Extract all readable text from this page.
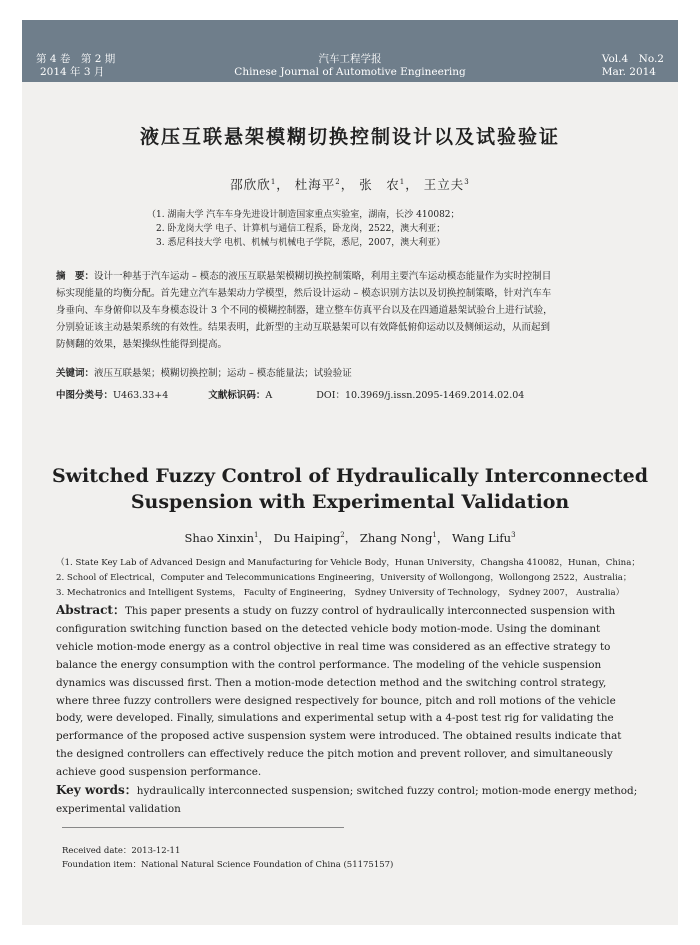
第 4 卷　第 2 期
2014 年 3 月
汽车工程学报
Chinese Journal of Automotive Engineering
Vol.4　No.2
Mar. 2014
液压互联悬架模糊切换控制设计以及试验验证
邵欣欣$^1$， 杜海平$^2$， 张　农$^1$， 王立夫$^3$
（1. 湖南大学 汽车车身先进设计制造国家重点实验室，湖南，长沙 410082；
2. 卧龙岗大学 电子、计算机与通信工程系，卧龙岗，2522，澳大利亚；
3. 悉尼科技大学 电机、机械与机械电子学院，悉尼，2007，澳大利亚）
摘　要：设计一种基于汽车运动 – 模态的液压互联悬架模糊切换控制策略，利用主要汽车运动模态能量作为实时控制目
标实现能量的均衡分配。首先建立汽车悬架动力学模型，然后设计运动 – 模态识别方法以及切换控制策略，针对汽车车
身垂向、车身俯仰以及车身模态设计 3 个不同的模糊控制器，建立整车仿真平台以及在四通道悬架试验台上进行试验，
分别验证该主动悬架系统的有效性。结果表明，此新型的主动互联悬架可以有效降低俯仰运动以及侧倾运动，从而起到
防侧翻的效果，悬架操纵性能得到提高。
关键词：液压互联悬架；模糊切换控制；运动 – 模态能量法；试验验证
中图分类号：U463.33+4	文献标识码：A	DOI：10.3969/j.issn.2095-1469.2014.02.04
Switched Fuzzy Control of Hydraulically Interconnected
Suspension with Experimental Validation
Shao Xinxin$^1$， Du Haiping$^2$， Zhang Nong$^1$， Wang Lifu$^3$
（1. State Key Lab of Advanced Design and Manufacturing for Vehicle Body，Hunan University，Changsha 410082，Hunan，China；
2. School of Electrical，Computer and Telecommunications Engineering，University of Wollongong，Wollongong 2522，Australia；
3. Mechatronics and Intelligent Systems， Faculty of Engineering， Sydney University of Technology， Sydney 2007， Australia）
Abstract：This paper presents a study on fuzzy control of hydraulically interconnected suspension with
configuration switching function based on the detected vehicle body motion-mode. Using the dominant
vehicle motion-mode energy as a control objective in real time was considered as an effective strategy to
balance the energy consumption with the control performance. The modeling of the vehicle suspension
dynamics was discussed first. Then a motion-mode detection method and the switching control strategy,
where three fuzzy controllers were designed respectively for bounce, pitch and roll motions of the vehicle
body, were developed. Finally, simulations and experimental setup with a 4-post test rig for validating the
performance of the proposed active suspension system were introduced. The obtained results indicate that
the designed controllers can effectively reduce the pitch motion and prevent rollover, and simultaneously
achieve good suspension performance.
Key words：hydraulically interconnected suspension; switched fuzzy control; motion-mode energy method;
experimental validation
Received date：2013-12-11
Foundation item：National Natural Science Foundation of China (51175157)
